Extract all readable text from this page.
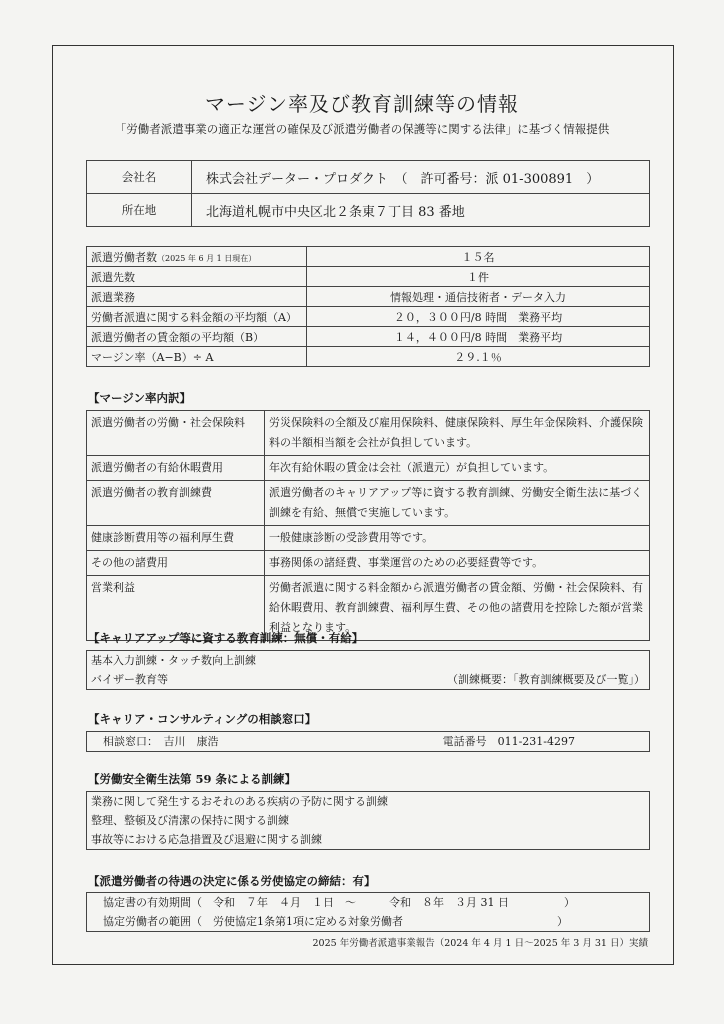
マージン率及び教育訓練等の情報
「労働者派遣事業の適正な運営の確保及び派遣労働者の保護等に関する法律」に基づく情報提供
会社名	株式会社データー・プロダクト　（　許可番号：派 01-300891　）
所在地	北海道札幌市中央区北２条東７丁目 83 番地
派遣労働者数（2025 年 6 月 1 日現在）	１５名
派遣先数	１件
派遣業務	情報処理・通信技術者・データ入力
労働者派遣に関する料金額の平均額（A）	２０，３００円/8 時間　業務平均
派遣労働者の賃金額の平均額（B）	１４，４００円/8 時間　業務平均
マージン率（A−B）÷ A	２９.１％
【マージン率内訳】
派遣労働者の労働・社会保険料	労災保険料の全額及び雇用保険料、健康保険料、厚生年金保険料、介護保険料の半額相当額を会社が負担しています。
派遣労働者の有給休暇費用	年次有給休暇の賃金は会社（派遣元）が負担しています。
派遣労働者の教育訓練費	派遣労働者のキャリアアップ等に資する教育訓練、労働安全衛生法に基づく訓練を有給、無償で実施しています。
健康診断費用等の福利厚生費	一般健康診断の受診費用等です。
その他の諸費用	事務関係の諸経費、事業運営のための必要経費等です。
営業利益	労働者派遣に関する料金額から派遣労働者の賃金額、労働・社会保険料、有給休暇費用、教育訓練費、福利厚生費、その他の諸費用を控除した額が営業利益となります。
【キャリアアップ等に資する教育訓練：無償・有給】
基本入力訓練・タッチ数向上訓練
バイザー教育等	（訓練概要：「教育訓練概要及び一覧」）
【キャリア・コンサルティングの相談窓口】
相談窓口：　吉川　康浩	電話番号　011-231-4297
【労働安全衛生法第 59 条による訓練】
業務に関して発生するおそれのある疾病の予防に関する訓練
整理、整頓及び清潔の保持に関する訓練
事故等における応急措置及び退避に関する訓練
【派遣労働者の待遇の決定に係る労使協定の締結：有】
協定書の有効期間（　令和　７年　４月　１日　〜　　　令和　８年　３月 31 日　　　　　）
協定労働者の範囲（　労使協定1条第1項に定める対象労働者　　　　　　　　　　　　　　）
2025 年労働者派遣事業報告（2024 年 4 月 1 日〜2025 年 3 月 31 日）実績
